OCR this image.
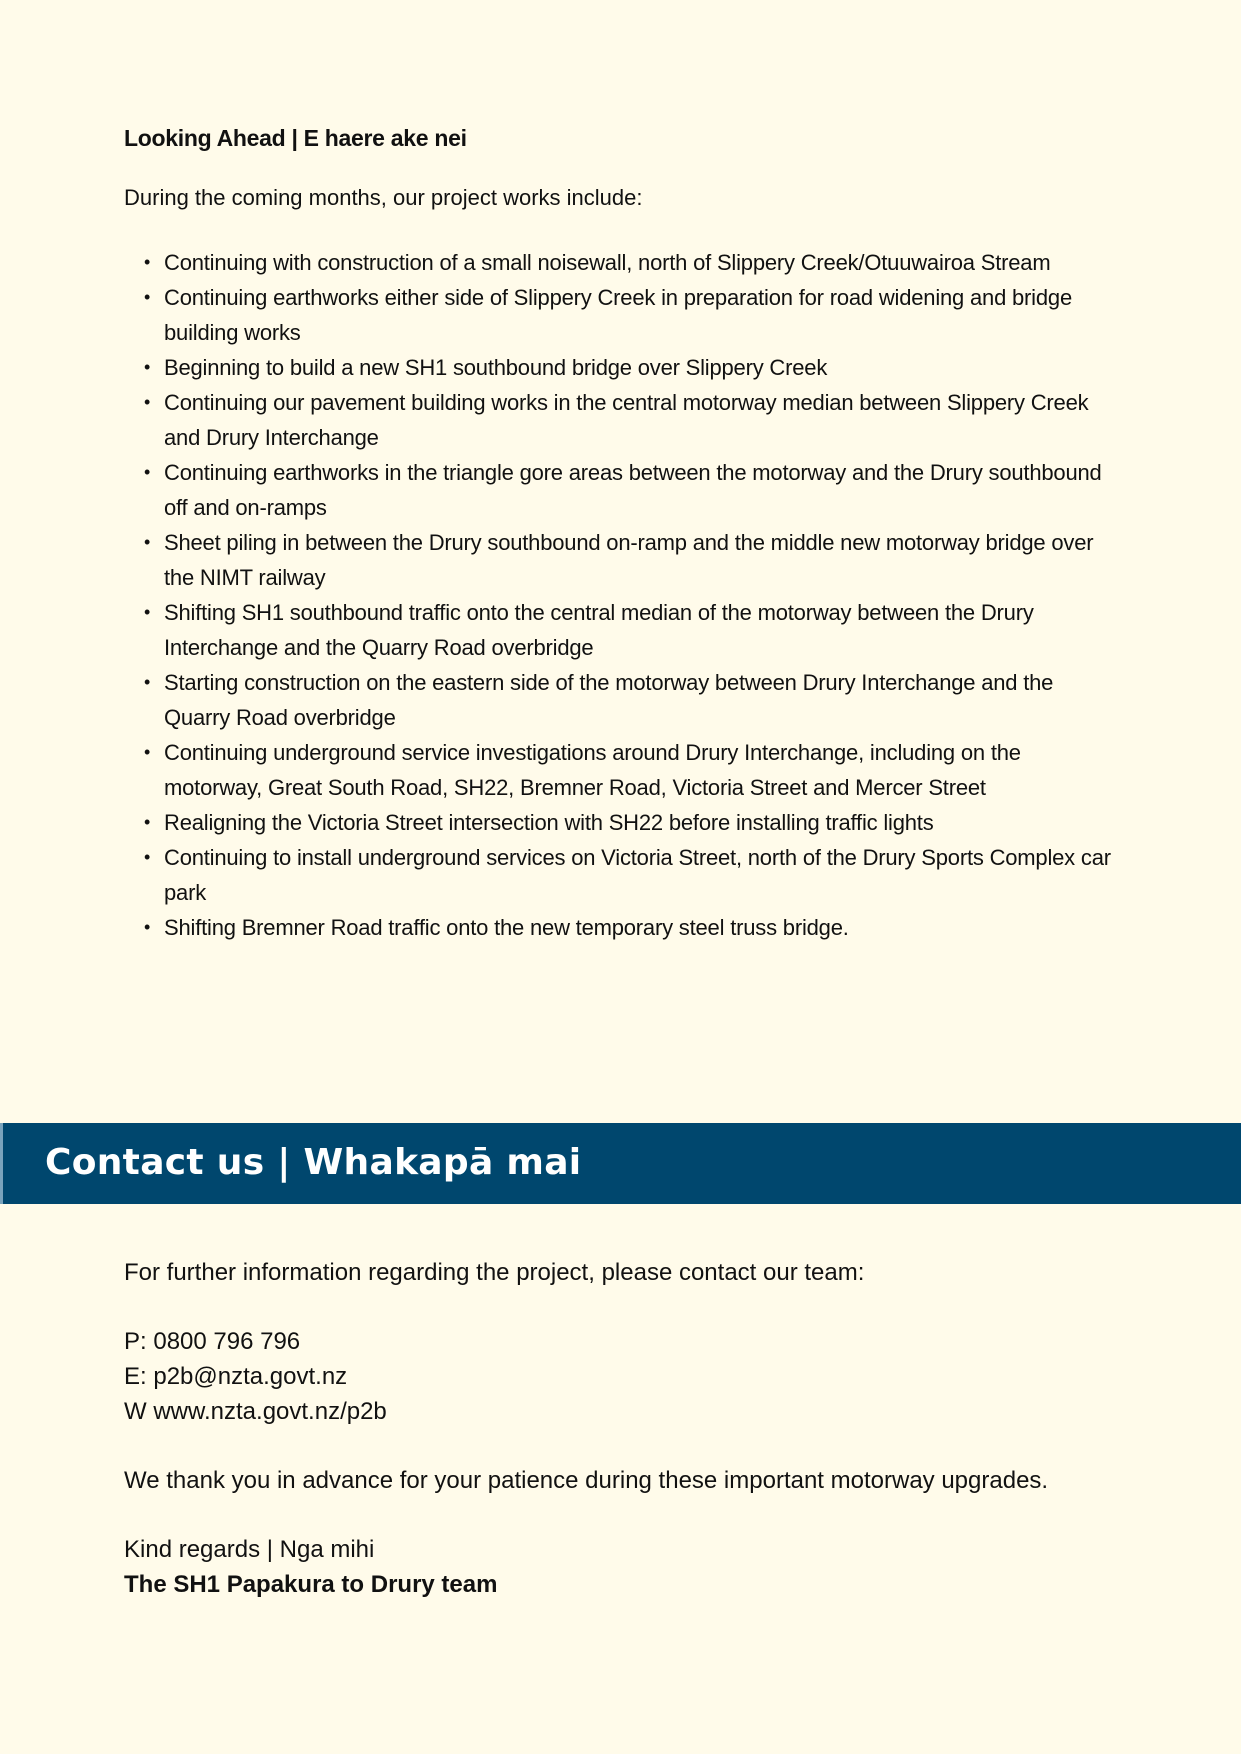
Looking Ahead | E haere ake nei

During the coming months, our project works include:

• Continuing with construction of a small noisewall, north of Slippery Creek/Otuuwairoa Stream
• Continuing earthworks either side of Slippery Creek in preparation for road widening and bridge building works
• Beginning to build a new SH1 southbound bridge over Slippery Creek
• Continuing our pavement building works in the central motorway median between Slippery Creek and Drury Interchange
• Continuing earthworks in the triangle gore areas between the motorway and the Drury southbound off and on-ramps
• Sheet piling in between the Drury southbound on-ramp and the middle new motorway bridge over the NIMT railway
• Shifting SH1 southbound traffic onto the central median of the motorway between the Drury Interchange and the Quarry Road overbridge
• Starting construction on the eastern side of the motorway between Drury Interchange and the Quarry Road overbridge
• Continuing underground service investigations around Drury Interchange, including on the motorway, Great South Road, SH22, Bremner Road, Victoria Street and Mercer Street
• Realigning the Victoria Street intersection with SH22 before installing traffic lights
• Continuing to install underground services on Victoria Street, north of the Drury Sports Complex car park
• Shifting Bremner Road traffic onto the new temporary steel truss bridge.
Contact us | Whakapā mai

For further information regarding the project, please contact our team:

P: 0800 796 796

E: p2b@nzta.govt.nz

W www.nzta.govt.nz/p2b

We thank you in advance for your patience during these important motorway upgrades.

Kind regards | Nga mihi

The SH1 Papakura to Drury team
